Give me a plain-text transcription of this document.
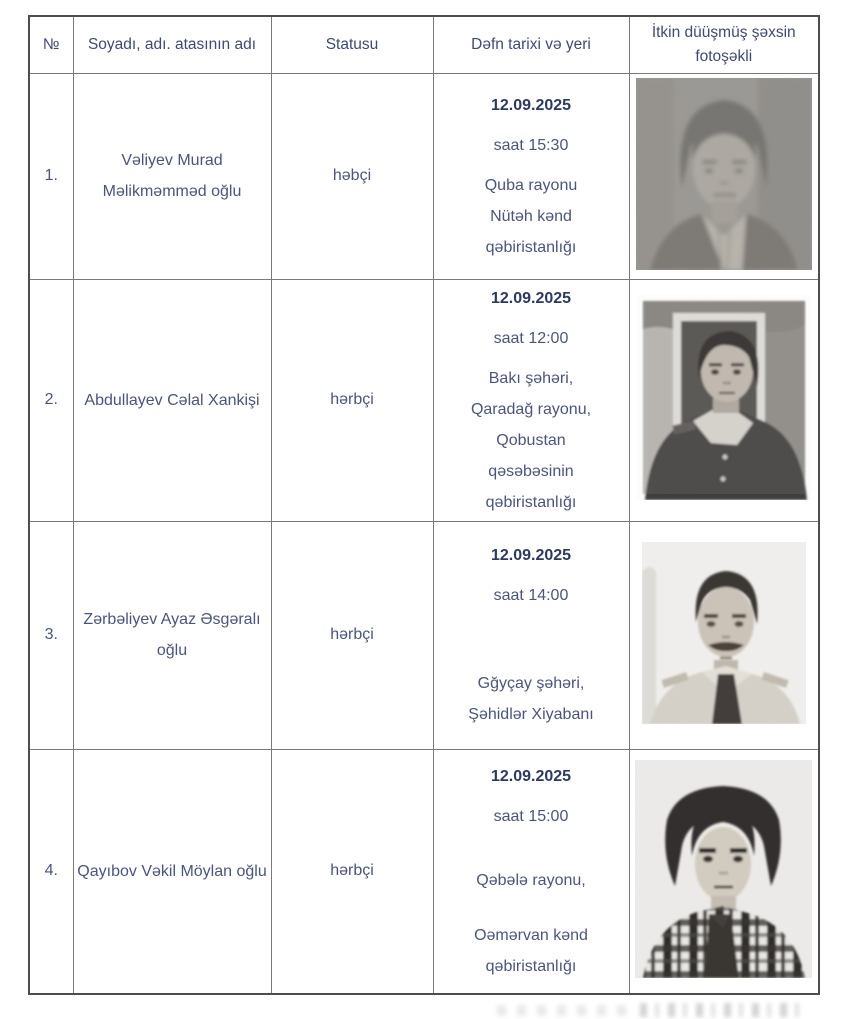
№	Soyadı, adı. atasının adı	Statusu	Dəfn tarixi və yeri	İtkin düüşmüş şəxsin fotoşəkli
1.	Vəliyev Murad Məlikməmməd oğlu	həbçi	12.09.2025
saat 15:30
Quba rayonu
Nütəh kənd
qəbiristanlığı

2.	Abdullayev Cəlal Xankişi	hərbçi	
12.09.2025
saat 12:00
Bakı şəhəri,
Qaradağ rayonu,
Qobustan
qəsəbəsinin
qəbiristanlığı

3.	Zərbəliyev Ayaz Əsgəralı oğlu	hərbçi	12.09.2025
saat 14:00
Gğyçay şəhəri,
Şəhidlər Xiyabanı

4.	Qayıbov Vəkil Möylan oğlu	hərbçi	12.09.2025
saat 15:00
Qəbələ rayonu,
Oəmərvan kənd
qəbiristanlığı
